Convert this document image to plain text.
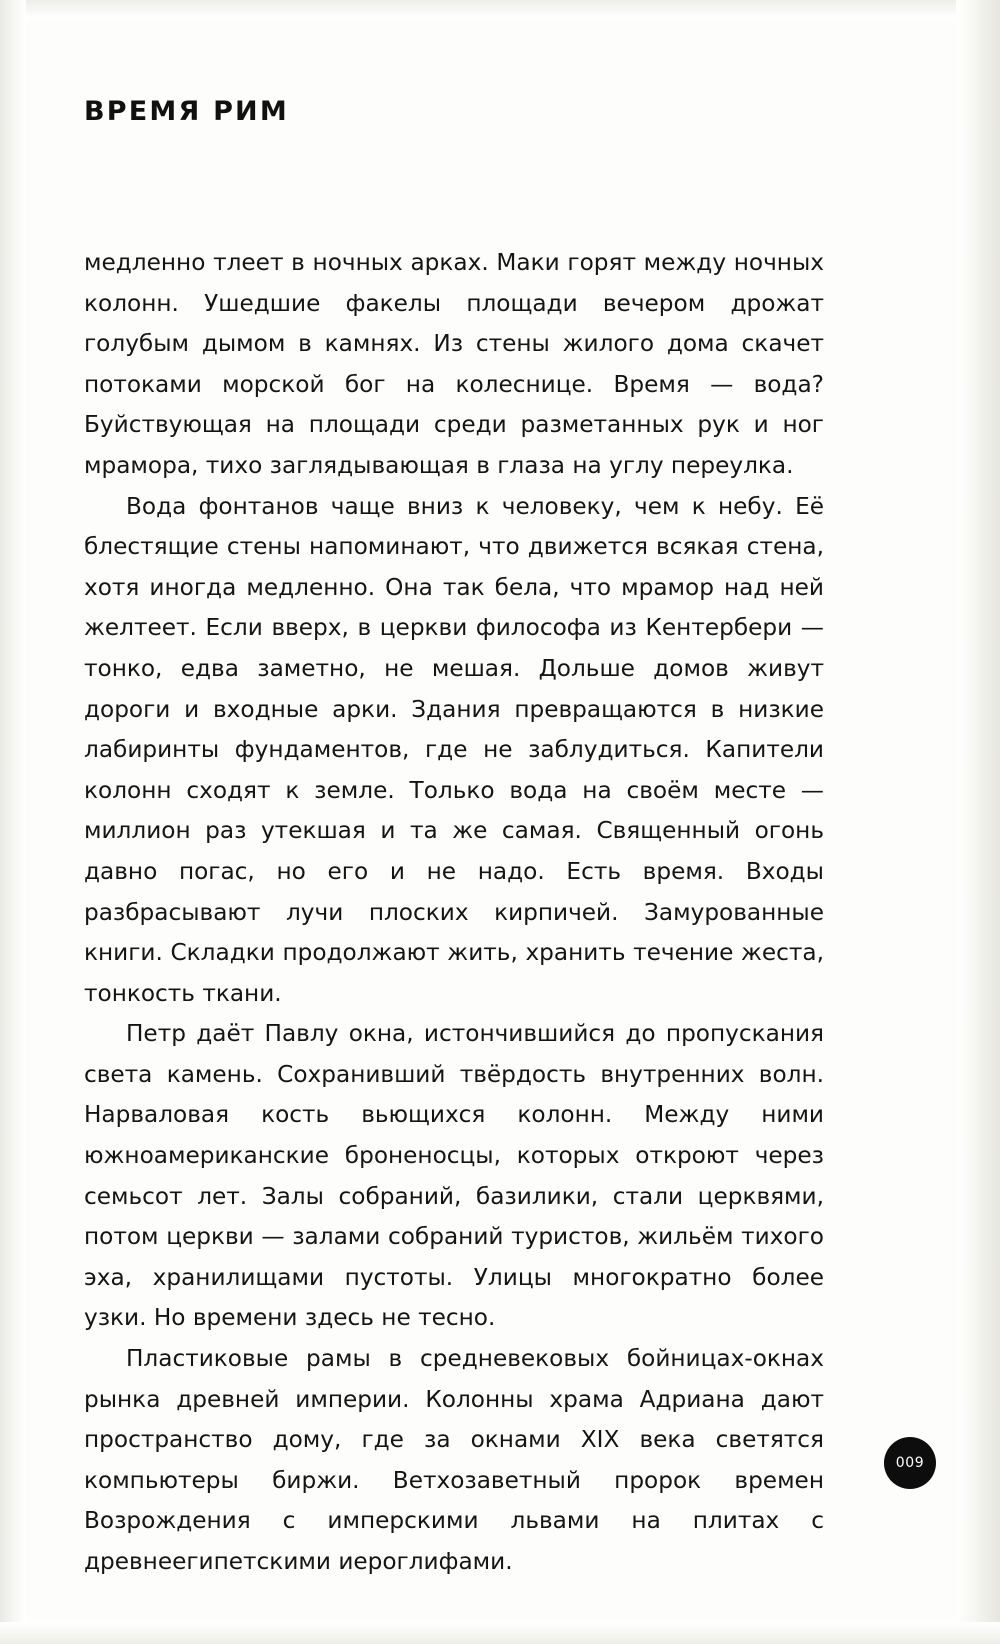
ВРЕМЯ РИМ

медленно тлеет в ночных арках. Маки горят между ночных колонн. Ушедшие факелы площади вечером дрожат голубым дымом в камнях. Из стены жилого дома скачет потоками морской бог на колеснице. Время — вода? Буйствующая на площади среди разметанных рук и ног мрамора, тихо заглядывающая в глаза на углу переулка.

Вода фонтанов чаще вниз к человеку, чем к небу. Её блестящие стены напоминают, что движется всякая стена, хотя иногда медленно. Она так бела, что мрамор над ней желтеет. Если вверх, в церкви философа из Кентербери — тонко, едва заметно, не мешая. Дольше домов живут дороги и входные арки. Здания превращаются в низкие лабиринты фундаментов, где не заблудиться. Капители колонн сходят к земле. Только вода на своём месте — миллион раз утекшая и та же самая. Священный огонь давно погас, но его и не надо. Есть время. Входы разбрасывают лучи плоских кирпичей. Замурованные книги. Складки продолжают жить, хранить течение жеста, тонкость ткани.

Петр даёт Павлу окна, истончившийся до пропускания света камень. Сохранивший твёрдость внутренних волн. Нарваловая кость вьющихся колонн. Между ними южноамериканские броненосцы, которых откроют через семьсот лет. Залы собраний, базилики, стали церквями, потом церкви — залами собраний туристов, жильём тихого эха, хранилищами пустоты. Улицы многократно более узки. Но времени здесь не тесно.

Пластиковые рамы в средневековых бойницах-окнах рынка древней империи. Колонны храма Адриана дают пространство дому, где за окнами XIX века светятся компьютеры биржи. Ветхозаветный пророк времен Возрождения с имперскими львами на плитах с древнеегипетскими иероглифами.

009
